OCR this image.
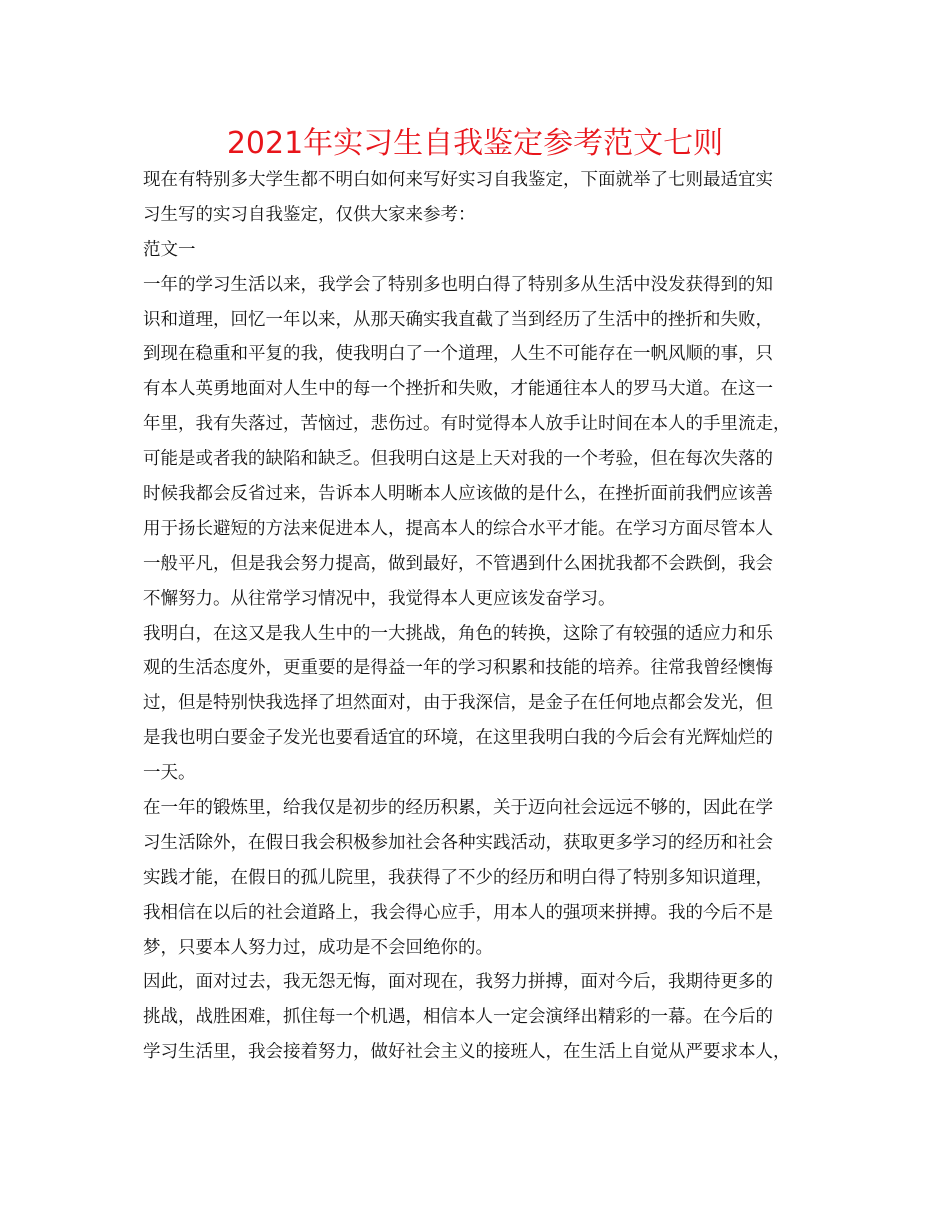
2021年实习生自我鉴定参考范文七则
现在有特别多大学生都不明白如何来写好实习自我鉴定，下面就举了七则最适宜实
习生写的实习自我鉴定，仅供大家来参考：
范文一
一年的学习生活以来，我学会了特别多也明白得了特别多从生活中没发获得到的知
识和道理，回忆一年以来，从那天确实我直截了当到经历了生活中的挫折和失败，
到现在稳重和平复的我，使我明白了一个道理，人生不可能存在一帆风顺的事，只
有本人英勇地面对人生中的每一个挫折和失败，才能通往本人的罗马大道。在这一
年里，我有失落过，苦恼过，悲伤过。有时觉得本人放手让时间在本人的手里流走，
可能是或者我的缺陷和缺乏。但我明白这是上天对我的一个考验，但在每次失落的
时候我都会反省过来，告诉本人明晰本人应该做的是什么，在挫折面前我們应该善
用于扬长避短的方法来促进本人，提高本人的综合水平才能。在学习方面尽管本人
一般平凡，但是我会努力提高，做到最好，不管遇到什么困扰我都不会跌倒，我会
不懈努力。从往常学习情况中，我觉得本人更应该发奋学习。
我明白，在这又是我人生中的一大挑战，角色的转换，这除了有较强的适应力和乐
观的生活态度外，更重要的是得益一年的学习积累和技能的培养。往常我曾经懊悔
过，但是特别快我选择了坦然面对，由于我深信，是金子在任何地点都会发光，但
是我也明白要金子发光也要看适宜的环境，在这里我明白我的今后会有光辉灿烂的
一天。
在一年的锻炼里，给我仅是初步的经历积累，关于迈向社会远远不够的，因此在学
习生活除外，在假日我会积极参加社会各种实践活动，获取更多学习的经历和社会
实践才能，在假日的孤儿院里，我获得了不少的经历和明白得了特别多知识道理，
我相信在以后的社会道路上，我会得心应手，用本人的强项来拼搏。我的今后不是
梦，只要本人努力过，成功是不会回绝你的。
因此，面对过去，我无怨无悔，面对现在，我努力拼搏，面对今后，我期待更多的
挑战，战胜困难，抓住每一个机遇，相信本人一定会演绎出精彩的一幕。在今后的
学习生活里，我会接着努力，做好社会主义的接班人，在生活上自觉从严要求本人，
